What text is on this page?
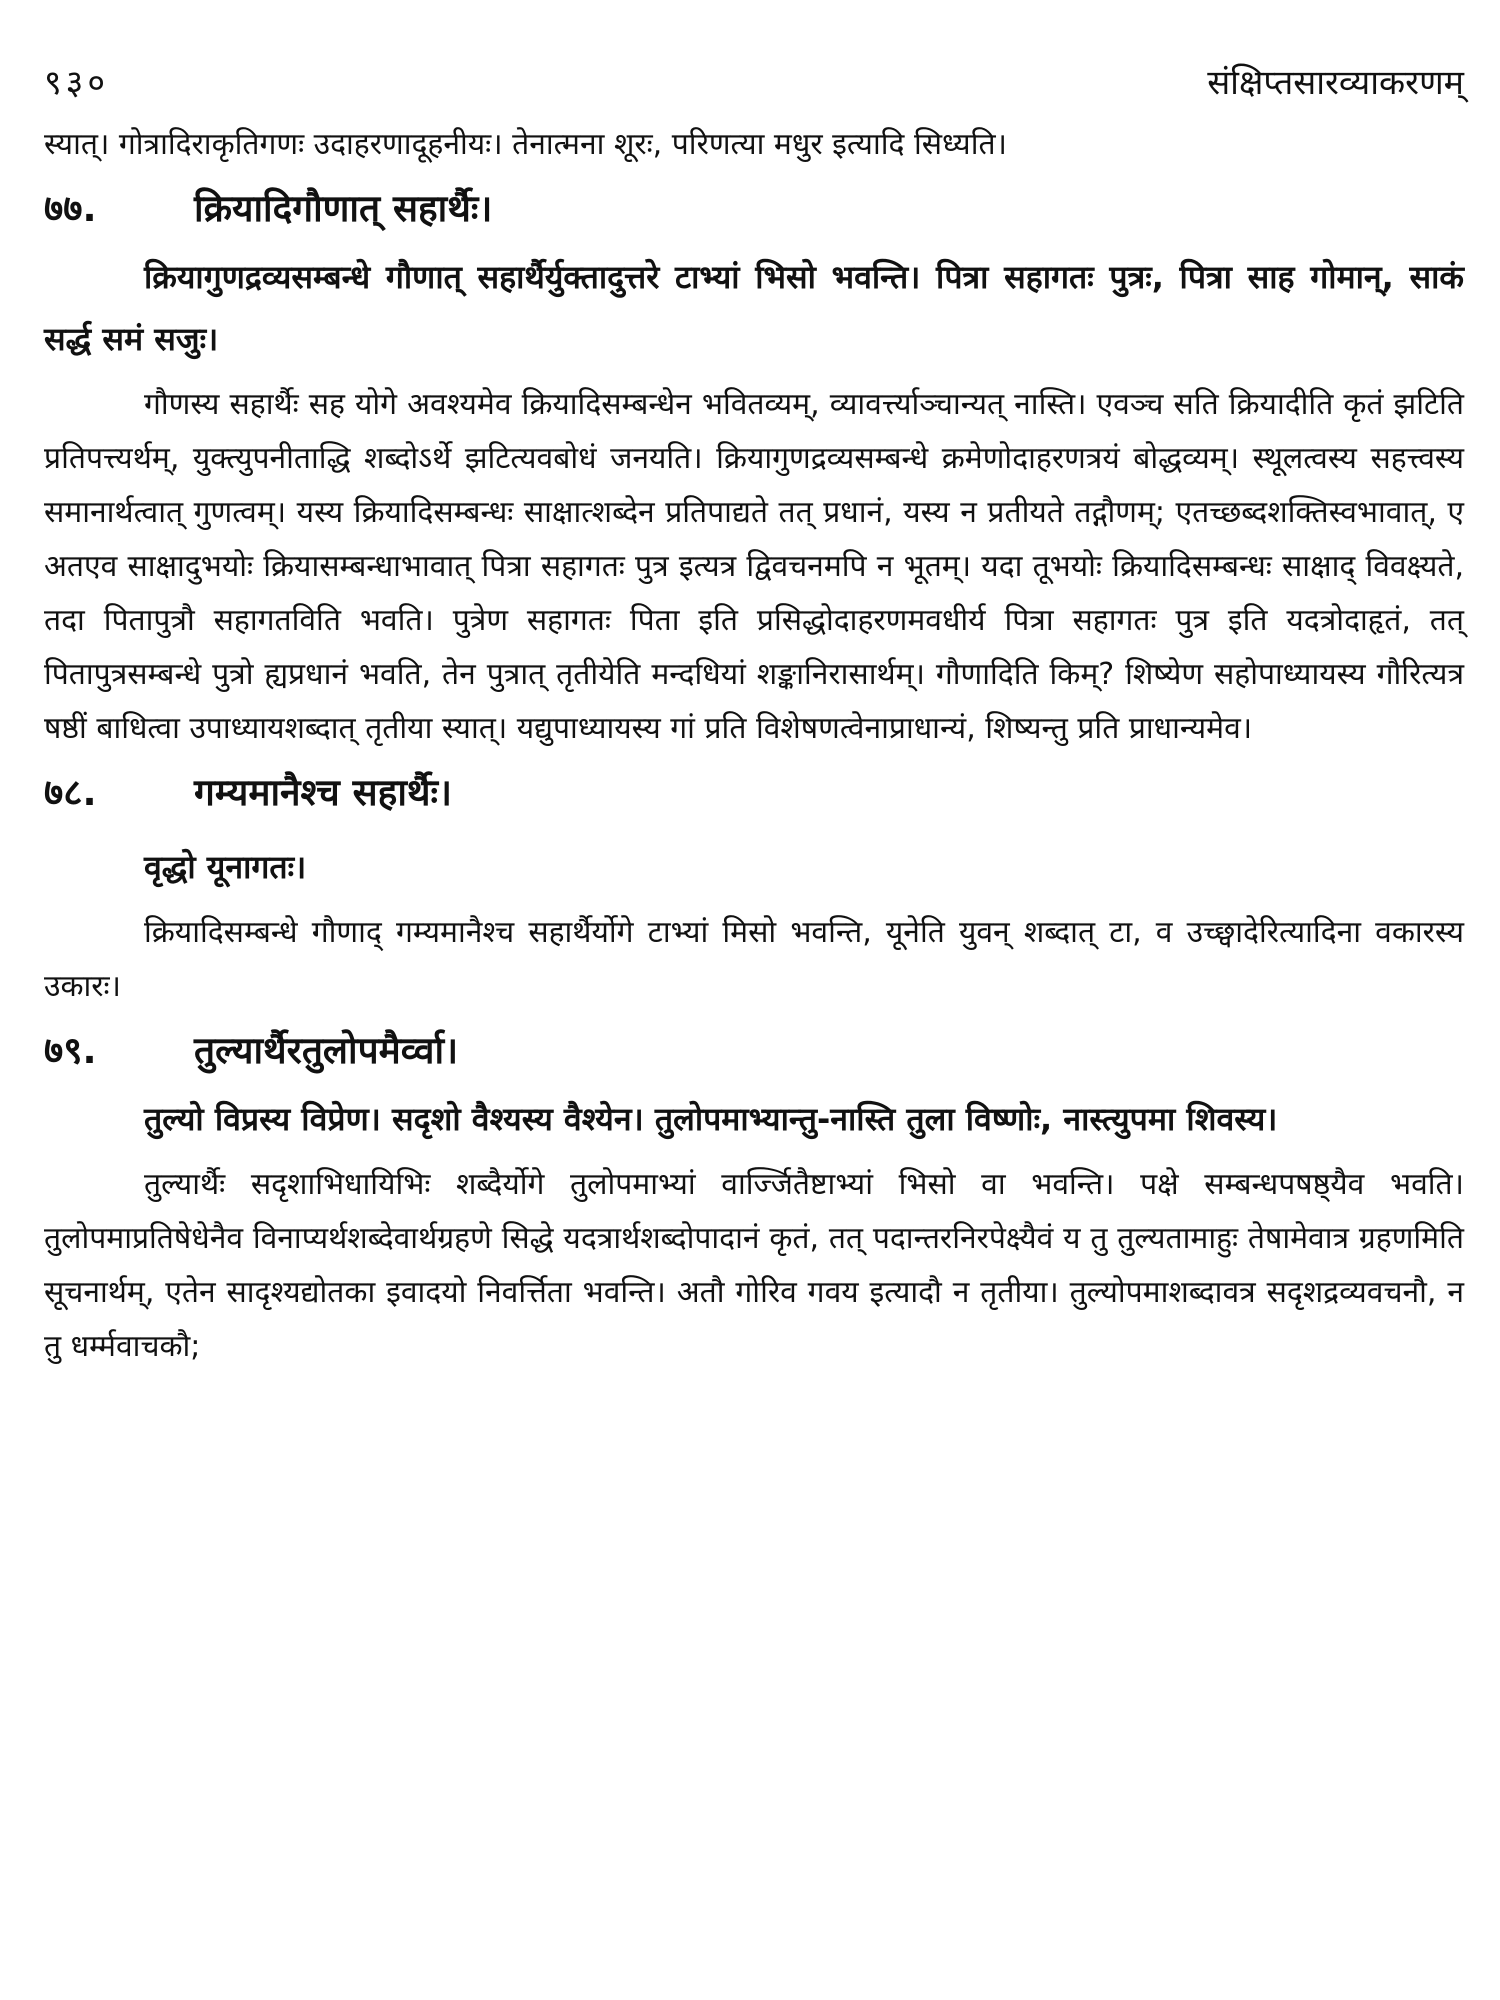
९३०	संक्षिप्तसारव्याकरणम्

स्यात्। गोत्रादिराकृतिगणः उदाहरणादूहनीयः। तेनात्मना शूरः, परिणत्या मधुर इत्यादि सिध्यति।

७७.	क्रियादिगौणात् सहार्थैः।

क्रियागुणद्रव्यसम्बन्धे गौणात् सहार्थैर्युक्तादुत्तरे टाभ्यां भिसो भवन्ति। पित्रा सहागतः पुत्रः, पित्रा साह गोमान्, साकं सर्द्ध समं सजुः।

गौणस्य सहार्थैः सह योगे अवश्यमेव क्रियादिसम्बन्धेन भवितव्यम्, व्यावर्त्त्याञ्चान्यत् नास्ति। एवञ्च सति क्रियादीति कृतं झटिति प्रतिपत्त्यर्थम्, युक्त्युपनीताद्धि शब्दोऽर्थे झटित्यवबोधं जनयति। क्रियागुणद्रव्यसम्बन्धे क्रमेणोदाहरणत्रयं बोद्धव्यम्। स्थूलत्वस्य सहत्त्वस्य समानार्थत्वात् गुणत्वम्। यस्य क्रियादिसम्बन्धः साक्षात्शब्देन प्रतिपाद्यते तत् प्रधानं, यस्य न प्रतीयते तद्गौणम्; एतच्छब्दशक्तिस्वभावात्, ए अतएव साक्षादुभयोः क्रियासम्बन्धाभावात् पित्रा सहागतः पुत्र इत्यत्र द्विवचनमपि न भूतम्। यदा तूभयोः क्रियादिसम्बन्धः साक्षाद् विवक्ष्यते, तदा पितापुत्रौ सहागतविति भवति। पुत्रेण सहागतः पिता इति प्रसिद्धोदाहरणमवधीर्य पित्रा सहागतः पुत्र इति यदत्रोदाहृतं, तत् पितापुत्रसम्बन्धे पुत्रो ह्यप्रधानं भवति, तेन पुत्रात् तृतीयेति मन्दधियां शङ्कानिरासार्थम्। गौणादिति किम्? शिष्येण सहोपाध्यायस्य गौरित्यत्र षष्ठीं बाधित्वा उपाध्यायशब्दात् तृतीया स्यात्। यद्युपाध्यायस्य गां प्रति विशेषणत्वेनाप्राधान्यं, शिष्यन्तु प्रति प्राधान्यमेव।

७८.	गम्यमानैश्च सहार्थैः।

वृद्धो यूनागतः।

क्रियादिसम्बन्धे गौणाद् गम्यमानैश्च सहार्थैर्योगे टाभ्यां मिसो भवन्ति, यूनेति युवन् शब्दात् टा, व उच्छ्वादेरित्यादिना वकारस्य उकारः।

७९.	तुल्यार्थैरतुलोपमैर्व्वा।

तुल्यो विप्रस्य विप्रेण। सदृशो वैश्यस्य वैश्येन। तुलोपमाभ्यान्तु-नास्ति तुला विष्णोः, नास्त्युपमा शिवस्य।

तुल्यार्थैः सदृशाभिधायिभिः शब्दैर्योगे तुलोपमाभ्यां वार्ज्जितैष्टाभ्यां भिसो वा भवन्ति। पक्षे सम्बन्धपषष्ठ्यैव भवति। तुलोपमाप्रतिषेधेनैव विनाप्यर्थशब्देवार्थग्रहणे सिद्धे यदत्रार्थशब्दोपादानं कृतं, तत् पदान्तरनिरपेक्ष्यैवं य तु तुल्यतामाहुः तेषामेवात्र ग्रहणमिति सूचनार्थम्, एतेन सादृश्यद्योतका इवादयो निवर्त्तिता भवन्ति। अतौ गोरिव गवय इत्यादौ न तृतीया। तुल्योपमाशब्दावत्र सदृशद्रव्यवचनौ, न तु धर्म्मवाचकौ;
